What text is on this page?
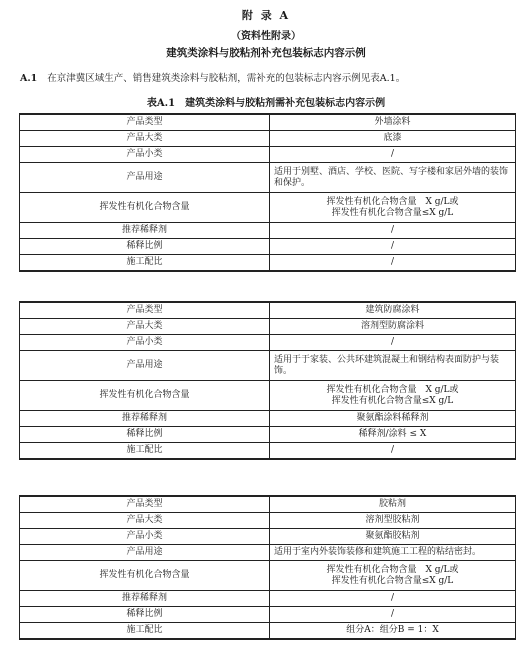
附 录 A
（资料性附录）
建筑类涂料与胶粘剂补充包装标志内容示例
A.1 在京津冀区域生产、销售建筑类涂料与胶粘剂，需补充的包装标志内容示例见表A.1。
表A.1　建筑类涂料与胶粘剂需补充包装标志内容示例
产品类型	外墙涂料
产品大类	底漆
产品小类	/
产品用途	适用于别墅、酒店、学校、医院、写字楼和家居外墙的装饰和保护。
挥发性有机化合物含量	挥发性有机化合物含量　X g/L或
挥发性有机化合物含量≤X g/L

推荐稀释剂	/
稀释比例	/
施工配比	/
产品类型	建筑防腐涂料
产品大类	溶剂型防腐涂料
产品小类	/
产品用途	适用于于家装、公共环建筑混凝土和钢结构表面防护与装饰。
挥发性有机化合物含量	挥发性有机化合物含量　X g/L或
挥发性有机化合物含量≤X g/L

推荐稀释剂	聚氨酯涂料稀释剂
稀释比例	稀释剂/涂料 ≤ X
施工配比	/
产品类型	胶粘剂
产品大类	溶剂型胶粘剂
产品小类	聚氨酯胶粘剂
产品用途	适用于室内外装饰装修和建筑施工工程的粘结密封。
挥发性有机化合物含量	挥发性有机化合物含量　X g/L或
挥发性有机化合物含量≤X g/L

推荐稀释剂	/
稀释比例	/
施工配比	组分A：组分B = 1：X
